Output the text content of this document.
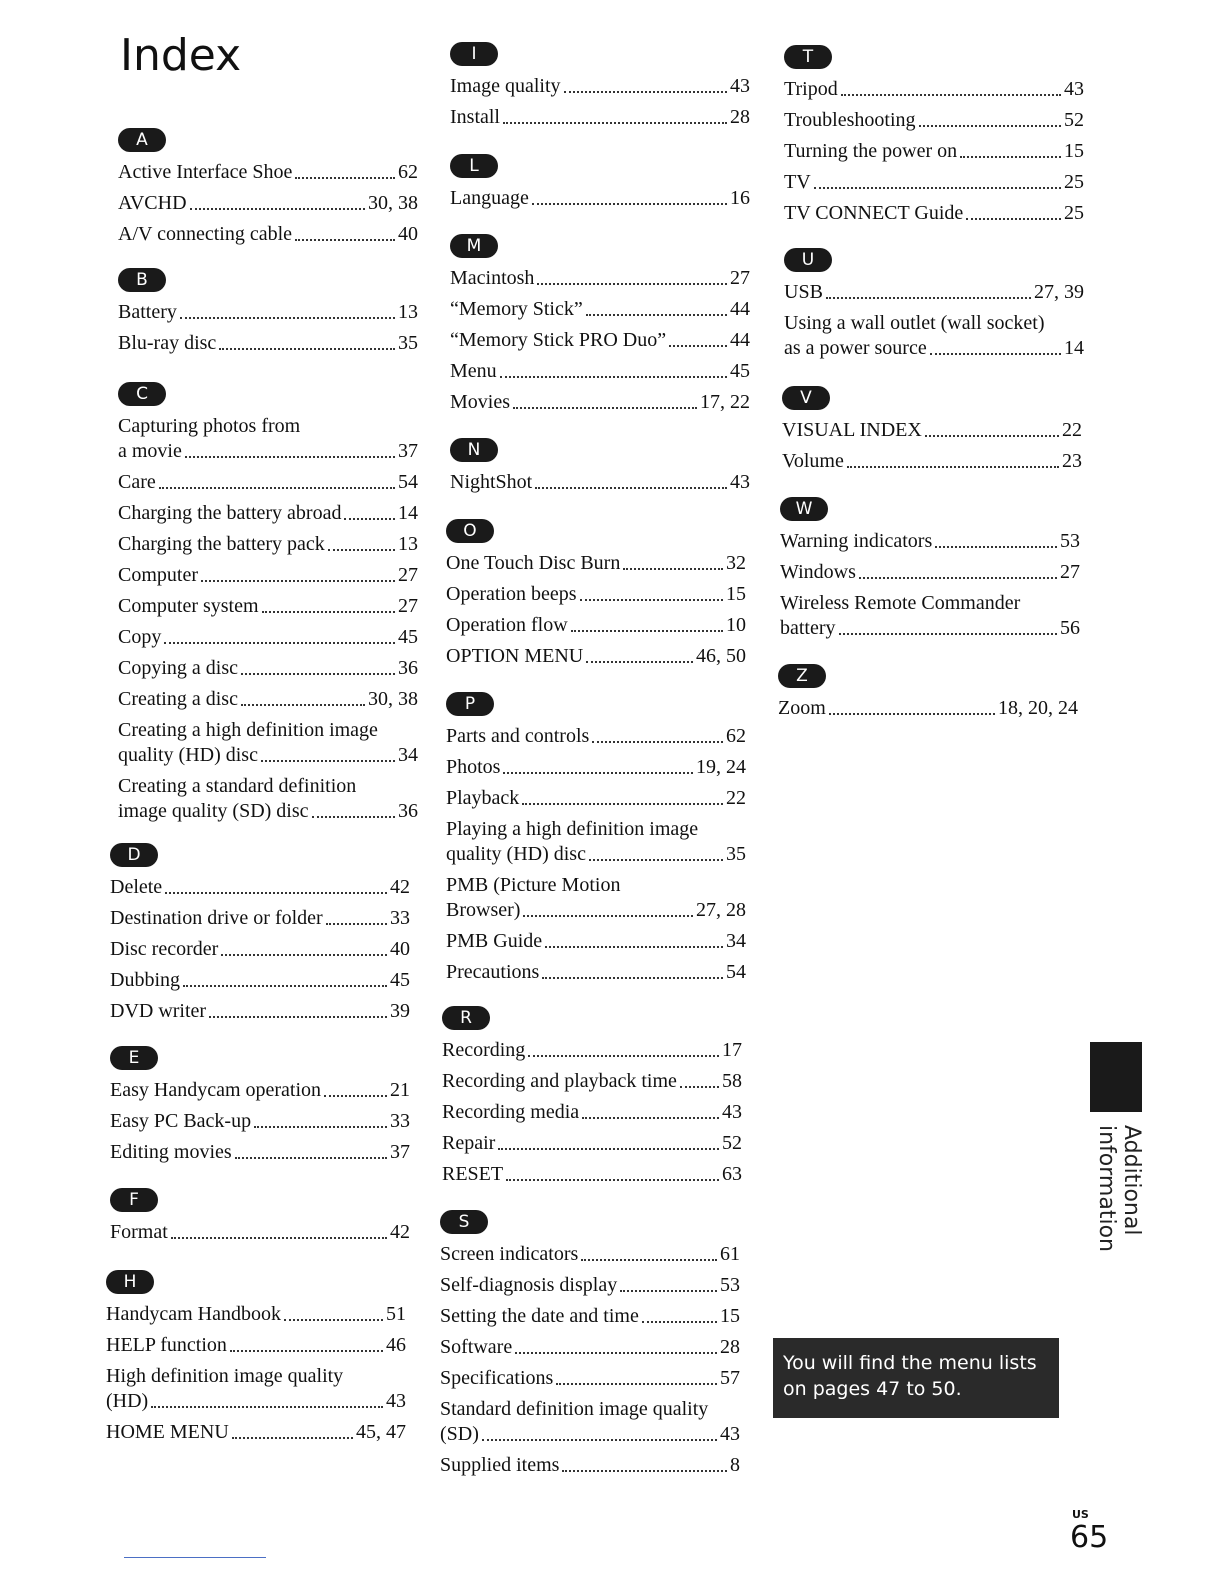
Index
A
Active Interface Shoe	62
AVCHD	30, 38
A/V connecting cable	40
B
Battery	13
Blu-ray disc	35
C
Capturing photos from
a movie	37
Care	54
Charging the battery abroad	14
Charging the battery pack	13
Computer	27
Computer system	27
Copy	45
Copying a disc	36
Creating a disc	30, 38
Creating a high definition image
quality (HD) disc	34
Creating a standard definition
image quality (SD) disc	36
D
Delete	42
Destination drive or folder	33
Disc recorder	40
Dubbing	45
DVD writer	39
E
Easy Handycam operation	21
Easy PC Back-up	33
Editing movies	37
F
Format	42
H
Handycam Handbook	51
HELP function	46
High definition image quality
(HD)	43
HOME MENU	45, 47
I
Image quality	43
Install	28
L
Language	16
M
Macintosh	27
“Memory Stick”	44
“Memory Stick PRO Duo”	44
Menu	45
Movies	17, 22
N
NightShot	43
O
One Touch Disc Burn	32
Operation beeps	15
Operation flow	10
OPTION MENU	46, 50
P
Parts and controls	62
Photos	19, 24
Playback	22
Playing a high definition image
quality (HD) disc	35
PMB (Picture Motion
Browser)	27, 28
PMB Guide	34
Precautions	54
R
Recording	17
Recording and playback time 58
Recording media	43
Repair	52
RESET	63
S
Screen indicators	61
Self-diagnosis display	53
Setting the date and time	15
Software	28
Specifications	57
Standard definition image quality
(SD)	43
Supplied items	8
T
Tripod	43
Troubleshooting	52
Turning the power on	15
TV	25
TV CONNECT Guide	25
U
USB	27, 39
Using a wall outlet (wall socket)
as a power source	14
V
VISUAL INDEX	22
Volume	23
W
Warning indicators	53
Windows	27
Wireless Remote Commander
battery	56
Z
Zoom	18, 20, 24
Additional information
You will find the menu lists on pages 47 to 50.
US
65
